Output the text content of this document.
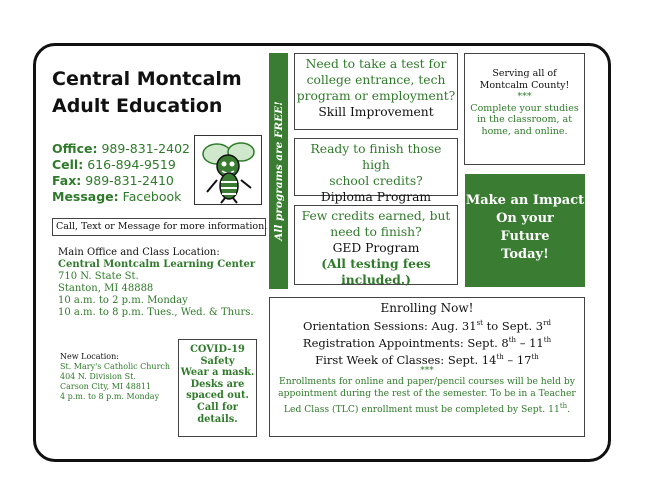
Central Montcalm
Adult Education
Office: 989-831-2402
Cell: 616-894-9519
Fax: 989-831-2410
Message: Facebook
Call, Text or Message for more information.
Main Office and Class Location:
Central Montcalm Learning Center
710 N. State St.
Stanton, MI 48888
10 a.m. to 2 p.m. Monday
10 a.m. to 8 p.m. Tues., Wed. & Thurs.
New Location:
St. Mary's Catholic Church
404 N. Division St.
Carson City, MI 48811
4 p.m. to 8 p.m. Monday
COVID-19
Safety
Wear a mask.
Desks are
spaced out.
Call for
details.
All programs are FREE!
Need to take a test for
college entrance, tech
program or employment?
Skill Improvement
Ready to finish those high
school credits?
Diploma Program
Few credits earned, but
need to finish?
GED Program
(All testing fees included.)
Serving all of
Montcalm County!
***
Complete your studies
in the classroom, at
home, and online.
Make an Impact
On your
Future
Today!
Enrolling Now!
Orientation Sessions: Aug. 31st to Sept. 3rd
Registration Appointments: Sept. 8th – 11th
First Week of Classes: Sept. 14th – 17th
***
Enrollments for online and paper/pencil courses will be held by
appointment during the rest of the semester. To be in a Teacher
Led Class (TLC) enrollment must be completed by Sept. 11th.
